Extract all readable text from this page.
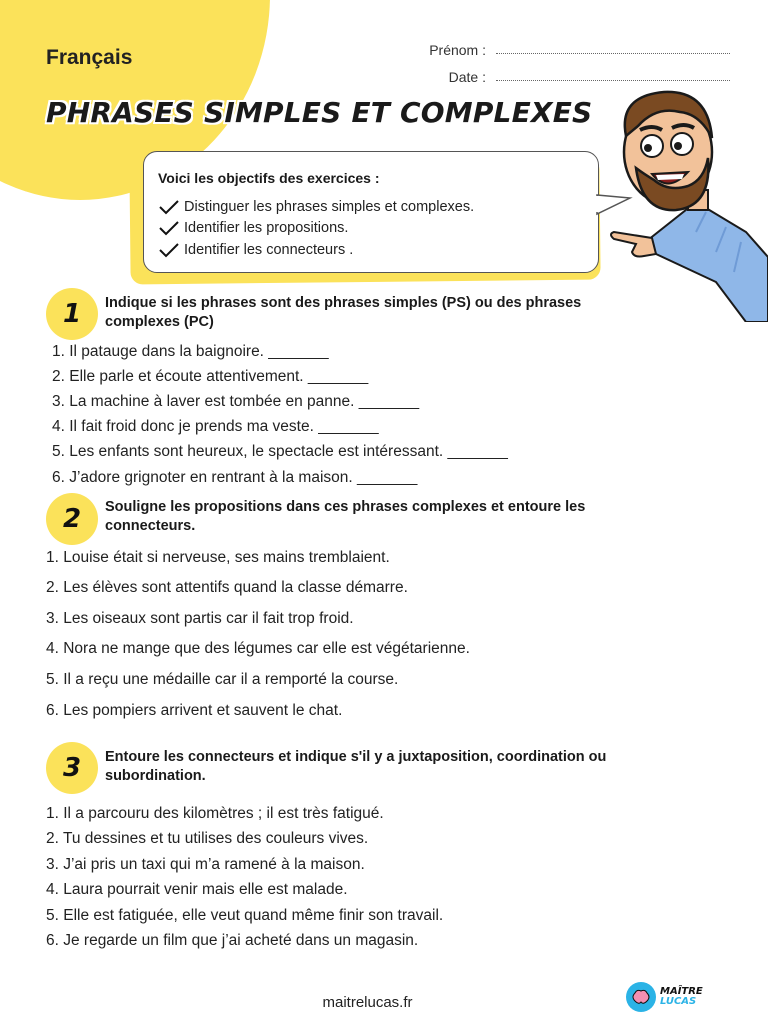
Français	Prénom :
Date :
PHRASES SIMPLES ET COMPLEXES
Voici les objectifs des exercices :
Distinguer les phrases simples et complexes.
Identifier les propositions.
Identifier les connecteurs .
1	Indique si les phrases sont des phrases simples (PS) ou des phrases complexes (PC)
1. Il patauge dans la baignoire. _______
2. Elle parle et écoute attentivement. _______
3. La machine à laver est tombée en panne. _______
4. Il fait froid donc je prends ma veste. _______
5. Les enfants sont heureux, le spectacle est intéressant. _______
6. J’adore grignoter en rentrant à la maison. _______
2	Souligne les propositions dans ces phrases complexes et entoure les connecteurs.
1. Louise était si nerveuse, ses mains tremblaient.
2. Les élèves sont attentifs quand la classe démarre.
3. Les oiseaux sont partis car il fait trop froid.
4. Nora ne mange que des légumes car elle est végétarienne.
5. Il a reçu une médaille car il a remporté la course.
6. Les pompiers arrivent et sauvent le chat.
3	Entoure les connecteurs et indique s'il y a juxtaposition, coordination ou subordination.
1. Il a parcouru des kilomètres ; il est très fatigué.
2. Tu dessines et tu utilises des couleurs vives.
3. J’ai pris un taxi qui m’a ramené à la maison.
4. Laura pourrait venir mais elle est malade.
5. Elle est fatiguée, elle veut quand même finir son travail.
6. Je regarde un film que j’ai acheté dans un magasin.
maitrelucas.fr
MAÎTRE
LUCAS
